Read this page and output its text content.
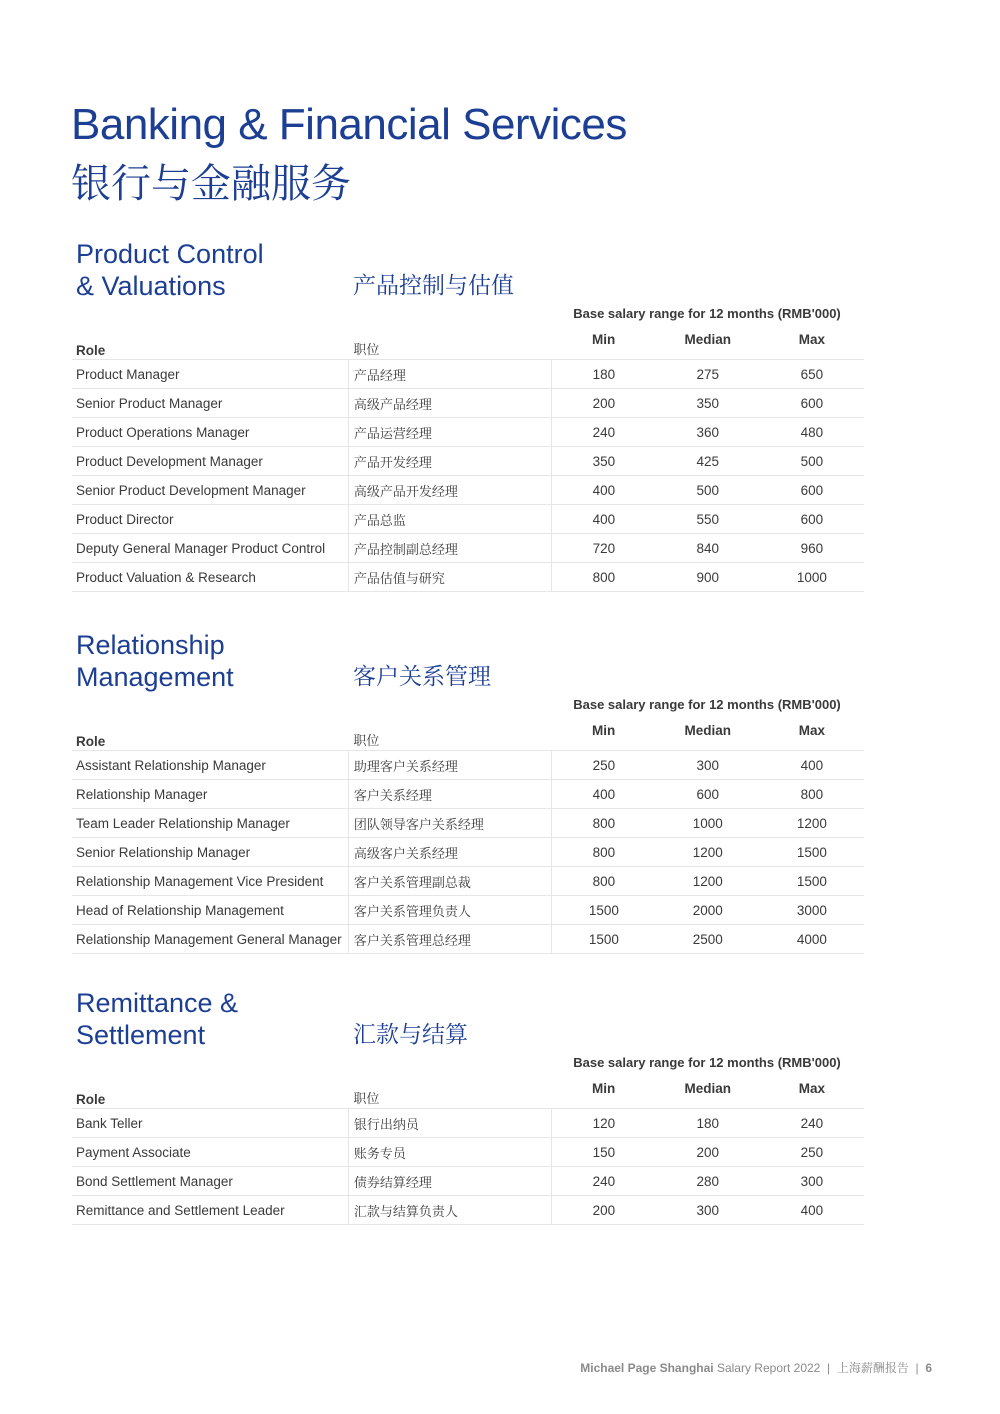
Banking & Financial Services
银行与金融服务
Product Control
& Valuations	产品控制与估值
Base salary range for 12 months (RMB'000)
Role	职位	Min	Median	Max
Product Manager	产品经理	180	275	650
Senior Product Manager	高级产品经理	200	350	600
Product Operations Manager	产品运营经理	240	360	480
Product Development Manager	产品开发经理	350	425	500
Senior Product Development Manager	高级产品开发经理	400	500	600
Product Director	产品总监	400	550	600
Deputy General Manager Product Control	产品控制副总经理	720	840	960
Product Valuation & Research	产品估值与研究	800	900	1000
Relationship
Management	客户关系管理
Base salary range for 12 months (RMB'000)
Role	职位	Min	Median	Max
Assistant Relationship Manager	助理客户关系经理	250	300	400
Relationship Manager	客户关系经理	400	600	800
Team Leader Relationship Manager	团队领导客户关系经理	800	1000	1200
Senior Relationship Manager	高级客户关系经理	800	1200	1500
Relationship Management Vice President	客户关系管理副总裁	800	1200	1500
Head of Relationship Management	客户关系管理负责人	1500	2000	3000
Relationship Management General Manager	客户关系管理总经理	1500	2500	4000
Remittance &
Settlement	汇款与结算
Base salary range for 12 months (RMB'000)
Role	职位	Min	Median	Max
Bank Teller	银行出纳员	120	180	240
Payment Associate	账务专员	150	200	250
Bond Settlement Manager	债券结算经理	240	280	300
Remittance and Settlement Leader	汇款与结算负责人	200	300	400
Michael Page Shanghai Salary Report 2022 | 上海薪酬报告 | 6
